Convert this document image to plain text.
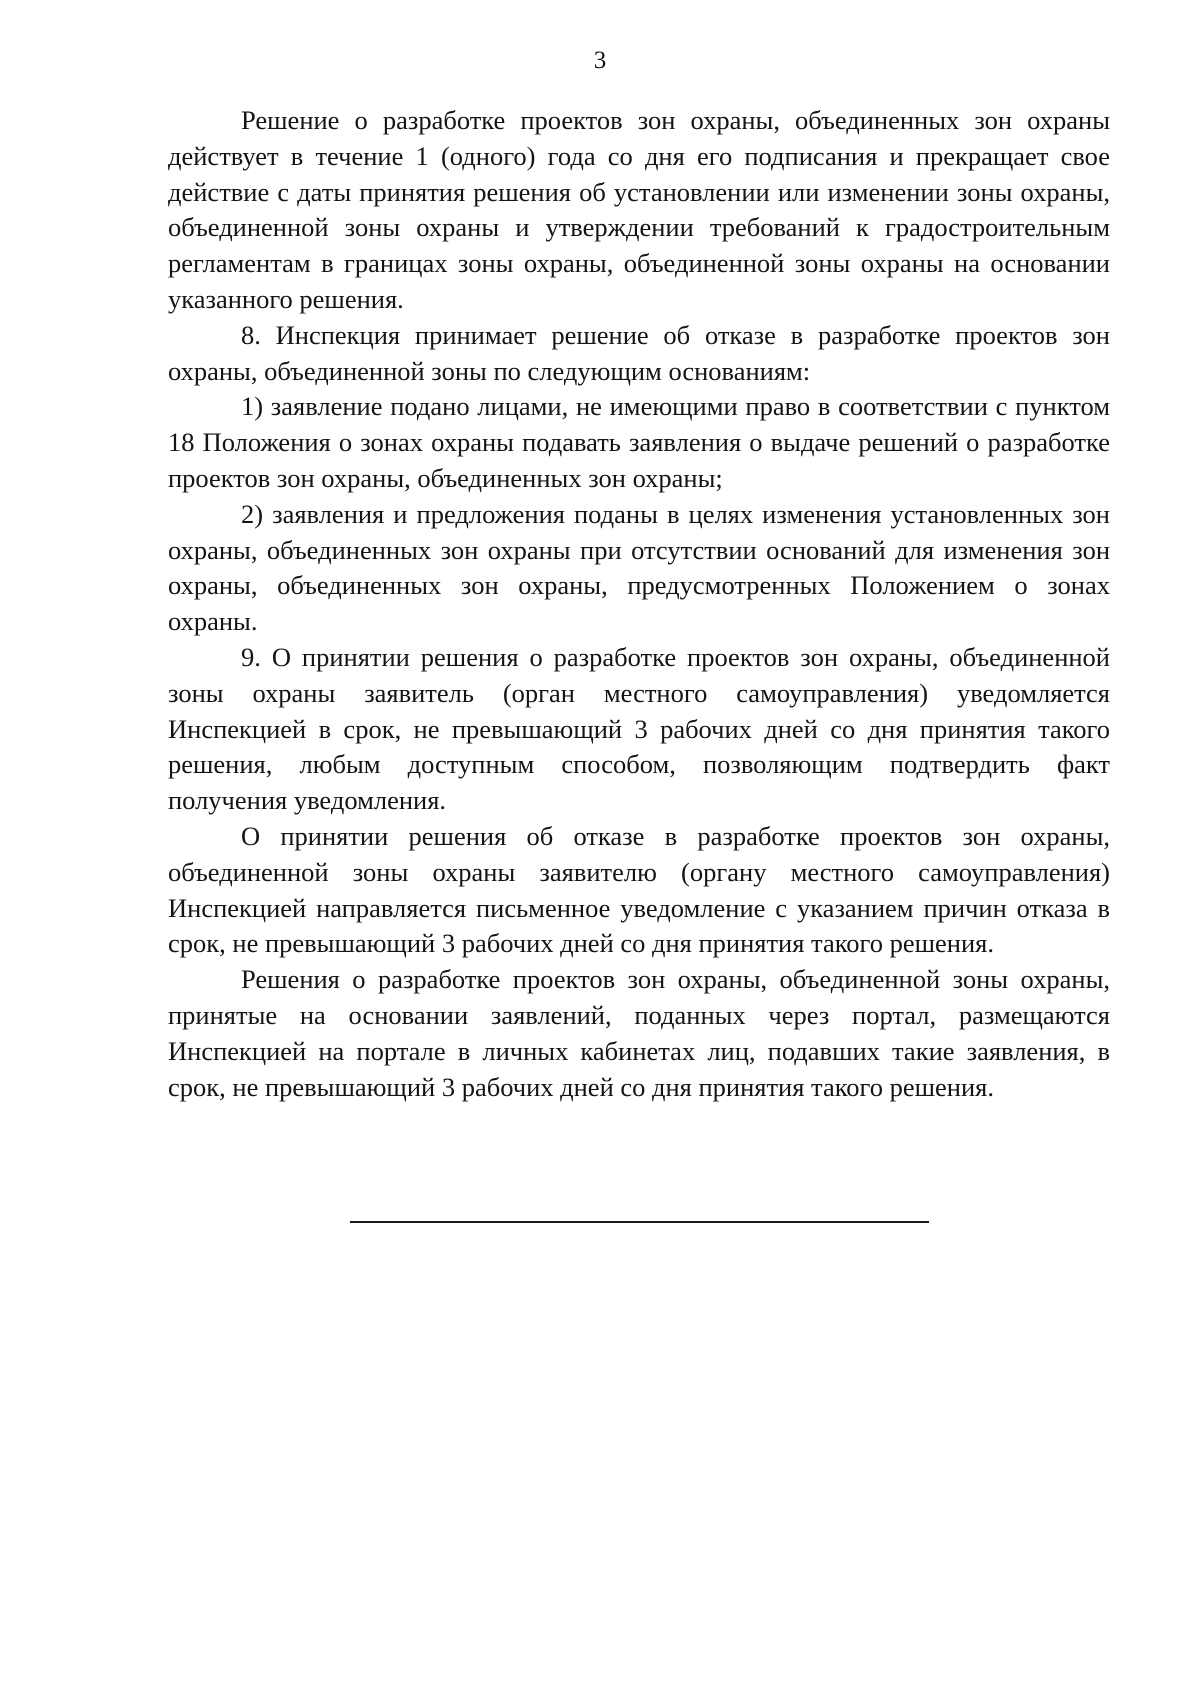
3

Решение о разработке проектов зон охраны, объединенных зон охраны действует в течение 1 (одного) года со дня его подписания и прекращает свое действие с даты принятия решения об установлении или изменении зоны охраны, объединенной зоны охраны и утверждении требований к градостроительным регламентам в границах зоны охраны, объединенной зоны охраны на основании указанного решения.

8. Инспекция принимает решение об отказе в разработке проектов зон охраны, объединенной зоны по следующим основаниям:

1) заявление подано лицами, не имеющими право в соответствии с пунктом 18 Положения о зонах охраны подавать заявления о выдаче решений о разработке проектов зон охраны, объединенных зон охраны;

2) заявления и предложения поданы в целях изменения установленных зон охраны, объединенных зон охраны при отсутствии оснований для изменения зон охраны, объединенных зон охраны, предусмотренных Положением о зонах охраны.

9. О принятии решения о разработке проектов зон охраны, объединенной зоны охраны заявитель (орган местного самоуправления) уведомляется Инспекцией в срок, не превышающий 3 рабочих дней со дня принятия такого решения, любым доступным способом, позволяющим подтвердить факт получения уведомления.

О принятии решения об отказе в разработке проектов зон охраны, объединенной зоны охраны заявителю (органу местного самоуправления) Инспекцией направляется письменное уведомление с указанием причин отказа в срок, не превышающий 3 рабочих дней со дня принятия такого решения.

Решения о разработке проектов зон охраны, объединенной зоны охраны, принятые на основании заявлений, поданных через портал, размещаются Инспекцией на портале в личных кабинетах лиц, подавших такие заявления, в срок, не превышающий 3 рабочих дней со дня принятия такого решения.
